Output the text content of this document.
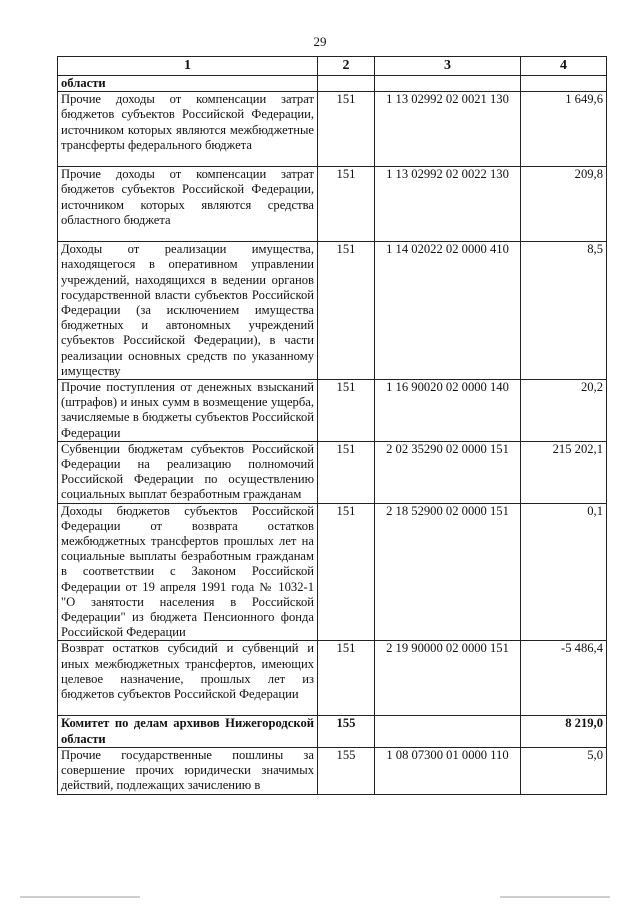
29
1	2	3	4
области			

Прочие доходы от компенсации затрат бюджетов субъектов Российской Федерации, источником которых являются межбюджетные трансферты федерального бюджета	151	1 13 02992 02 0021 130	1 649,6

Прочие доходы от компенсации затрат бюджетов субъектов Российской Федерации, источником которых являются средства областного бюджета	151	1 13 02992 02 0022 130	209,8

Доходы от реализации имущества, находящегося в оперативном управлении учреждений, находящихся в ведении органов государственной власти субъектов Российской Федерации (за исключением имущества бюджетных и автономных учреждений субъектов Российской Федерации), в части реализации основных средств по указанному имуществу	151	1 14 02022 02 0000 410	8,5

Прочие поступления от денежных взысканий (штрафов) и иных сумм в возмещение ущерба, зачисляемые в бюджеты субъектов Российской Федерации	151	1 16 90020 02 0000 140	20,2

Субвенции бюджетам субъектов Российской Федерации на реализацию полномочий Российской Федерации по осуществлению социальных выплат безработным гражданам	151	2 02 35290 02 0000 151	215 202,1

Доходы бюджетов субъектов Российской Федерации от возврата остатков межбюджетных трансфертов прошлых лет на социальные выплаты безработным гражданам в соответствии с Законом Российской Федерации от 19 апреля 1991 года № 1032-1 "О занятости населения в Российской Федерации" из бюджета Пенсионного фонда Российской Федерации	151	2 18 52900 02 0000 151	0,1

Возврат остатков субсидий и субвенций и иных межбюджетных трансфертов, имеющих целевое назначение, прошлых лет из бюджетов субъектов Российской Федерации	151	2 19 90000 02 0000 151	-5 486,4

Комитет по делам архивов Нижегородской области	155		8 219,0

Прочие государственные пошлины за совершение прочих юридически значимых действий, подлежащих зачислению в	155	1 08 07300 01 0000 110	5,0
